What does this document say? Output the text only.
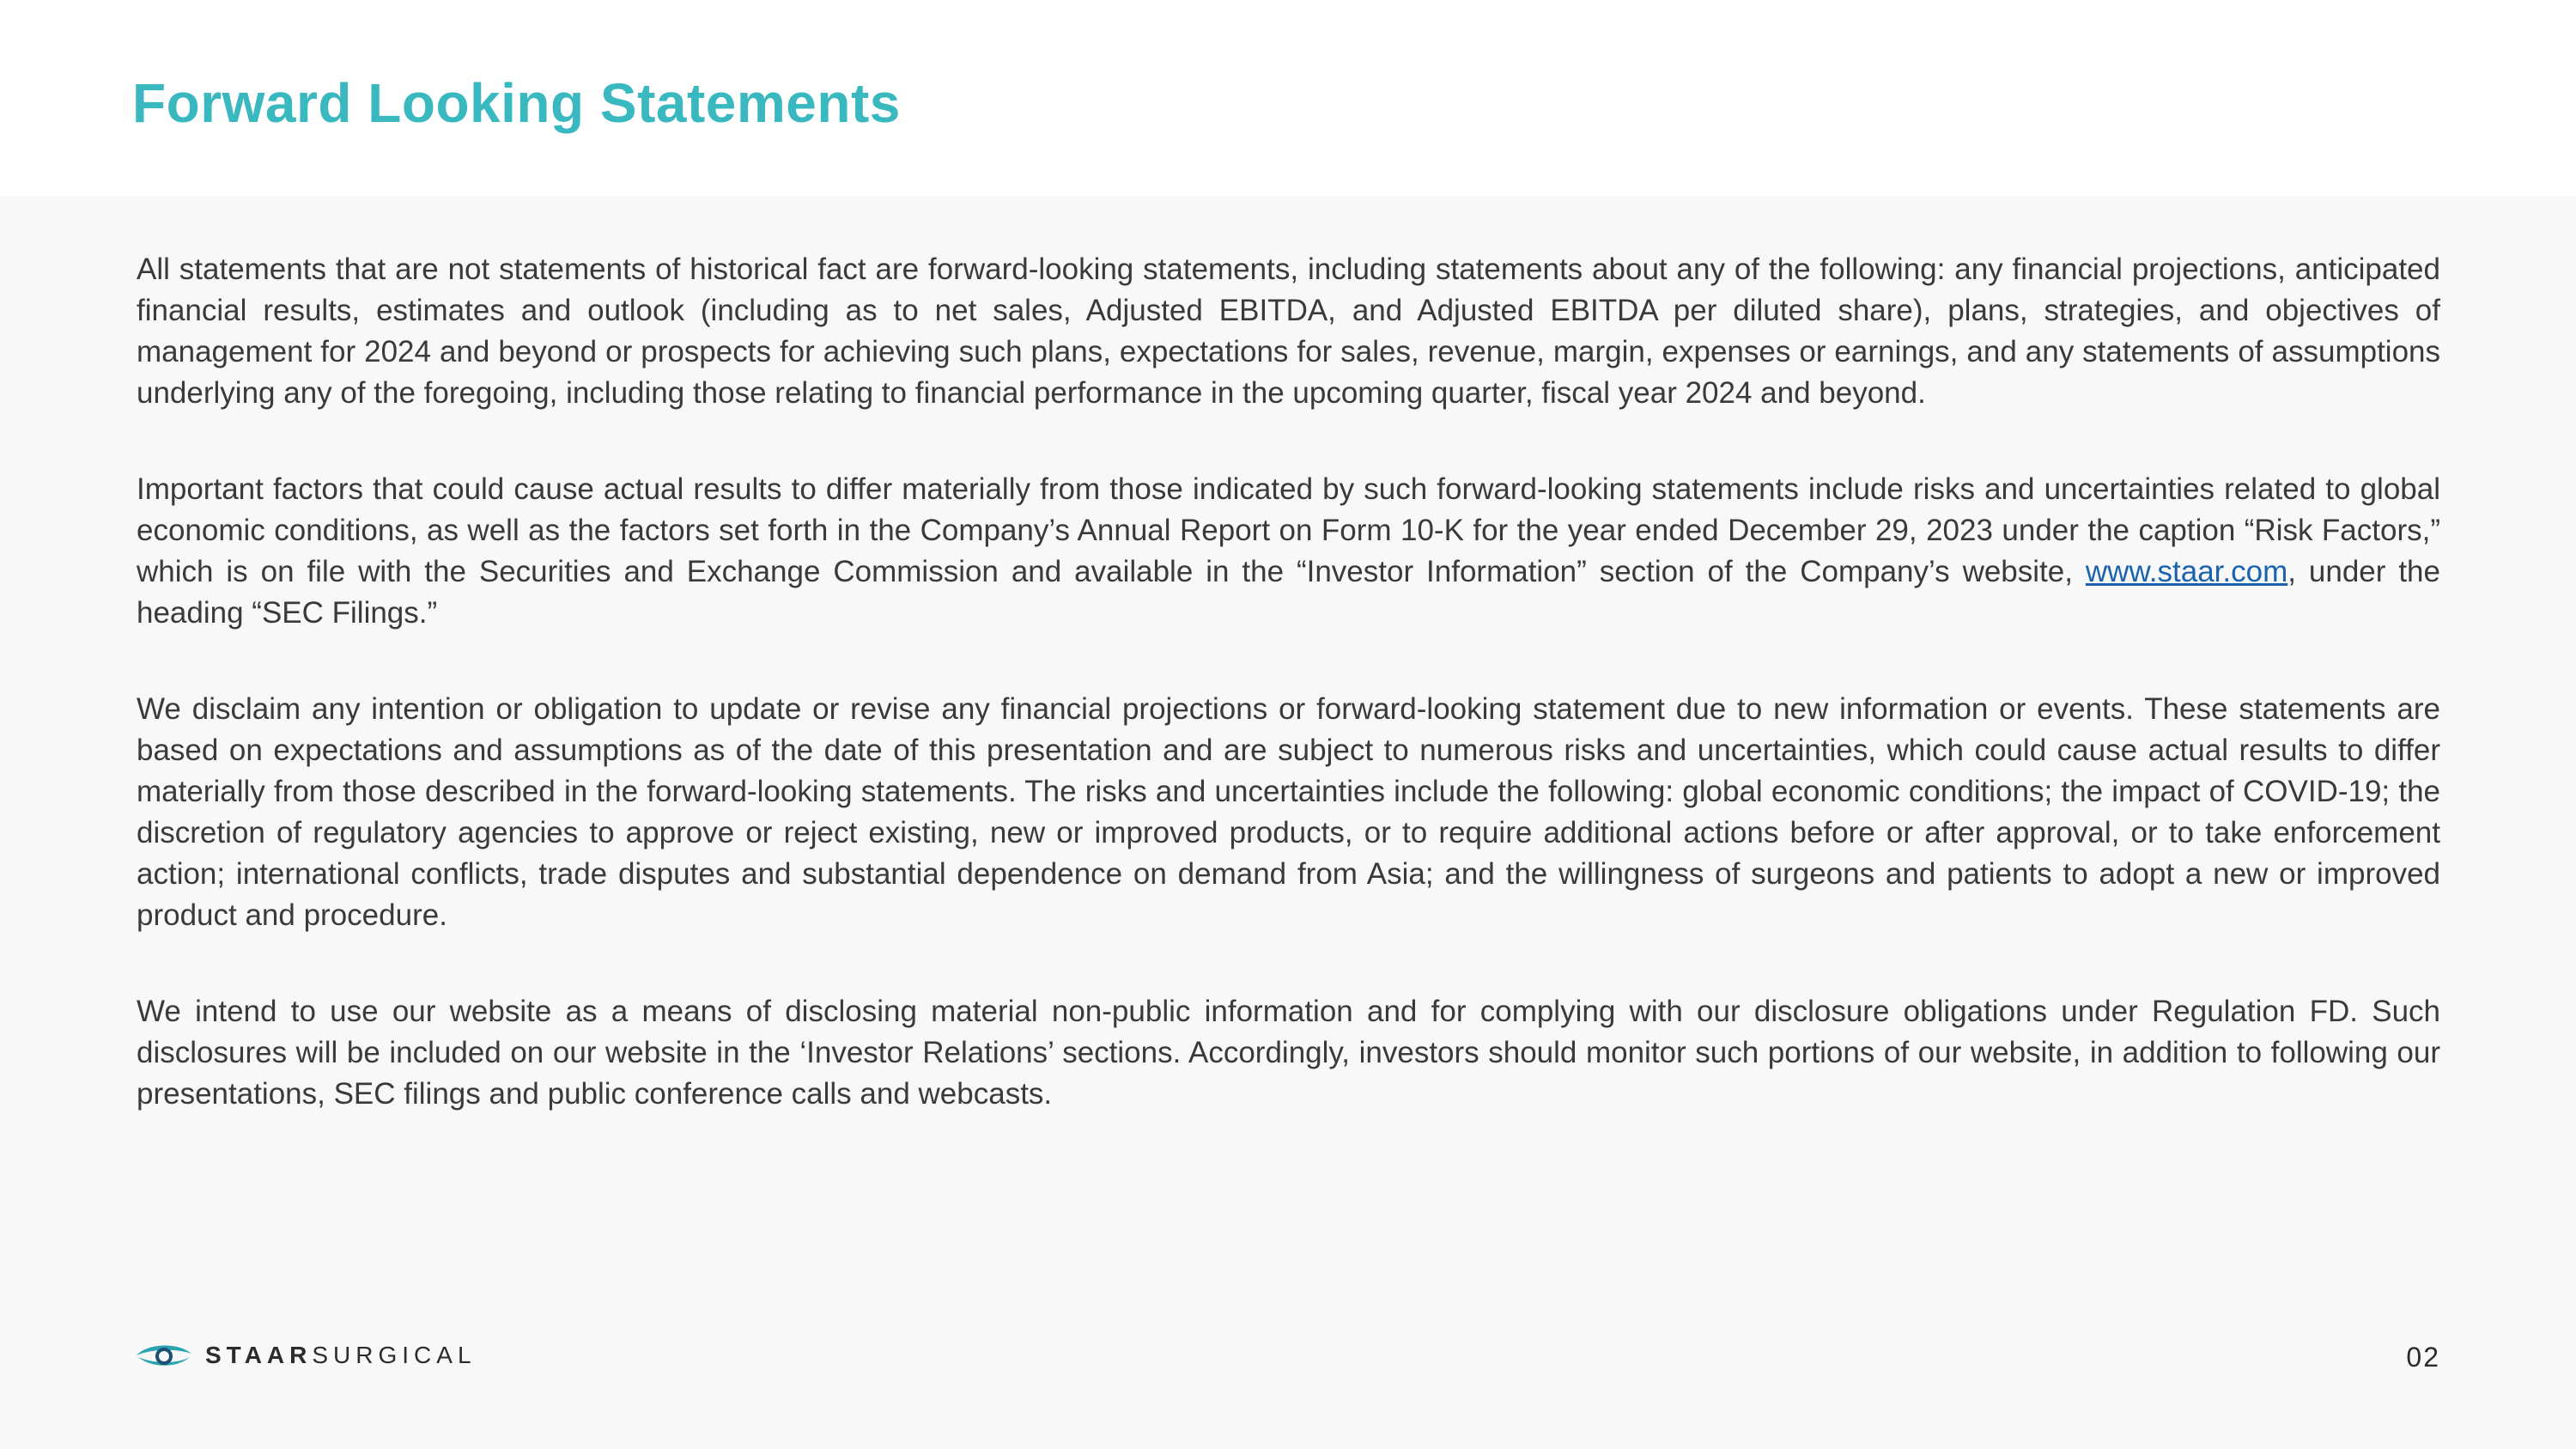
Forward Looking Statements

All statements that are not statements of historical fact are forward-looking statements, including statements about any of the following: any financial projections, anticipated financial results, estimates and outlook (including as to net sales, Adjusted EBITDA, and Adjusted EBITDA per diluted share), plans, strategies, and objectives of management for 2024 and beyond or prospects for achieving such plans, expectations for sales, revenue, margin, expenses or earnings, and any statements of assumptions underlying any of the foregoing, including those relating to financial performance in the upcoming quarter, fiscal year 2024 and beyond.

Important factors that could cause actual results to differ materially from those indicated by such forward-looking statements include risks and uncertainties related to global economic conditions, as well as the factors set forth in the Company’s Annual Report on Form 10-K for the year ended December 29, 2023 under the caption “Risk Factors,” which is on file with the Securities and Exchange Commission and available in the “Investor Information” section of the Company’s website, www.staar.com, under the heading “SEC Filings.”

We disclaim any intention or obligation to update or revise any financial projections or forward-looking statement due to new information or events. These statements are based on expectations and assumptions as of the date of this presentation and are subject to numerous risks and uncertainties, which could cause actual results to differ materially from those described in the forward-looking statements. The risks and uncertainties include the following: global economic conditions; the impact of COVID-19; the discretion of regulatory agencies to approve or reject existing, new or improved products, or to require additional actions before or after approval, or to take enforcement action; international conflicts, trade disputes and substantial dependence on demand from Asia; and the willingness of surgeons and patients to adopt a new or improved product and procedure.

We intend to use our website as a means of disclosing material non-public information and for complying with our disclosure obligations under Regulation FD. Such disclosures will be included on our website in the ‘Investor Relations’ sections. Accordingly, investors should monitor such portions of our website, in addition to following our presentations, SEC filings and public conference calls and webcasts.

STAARSURGICAL	02
